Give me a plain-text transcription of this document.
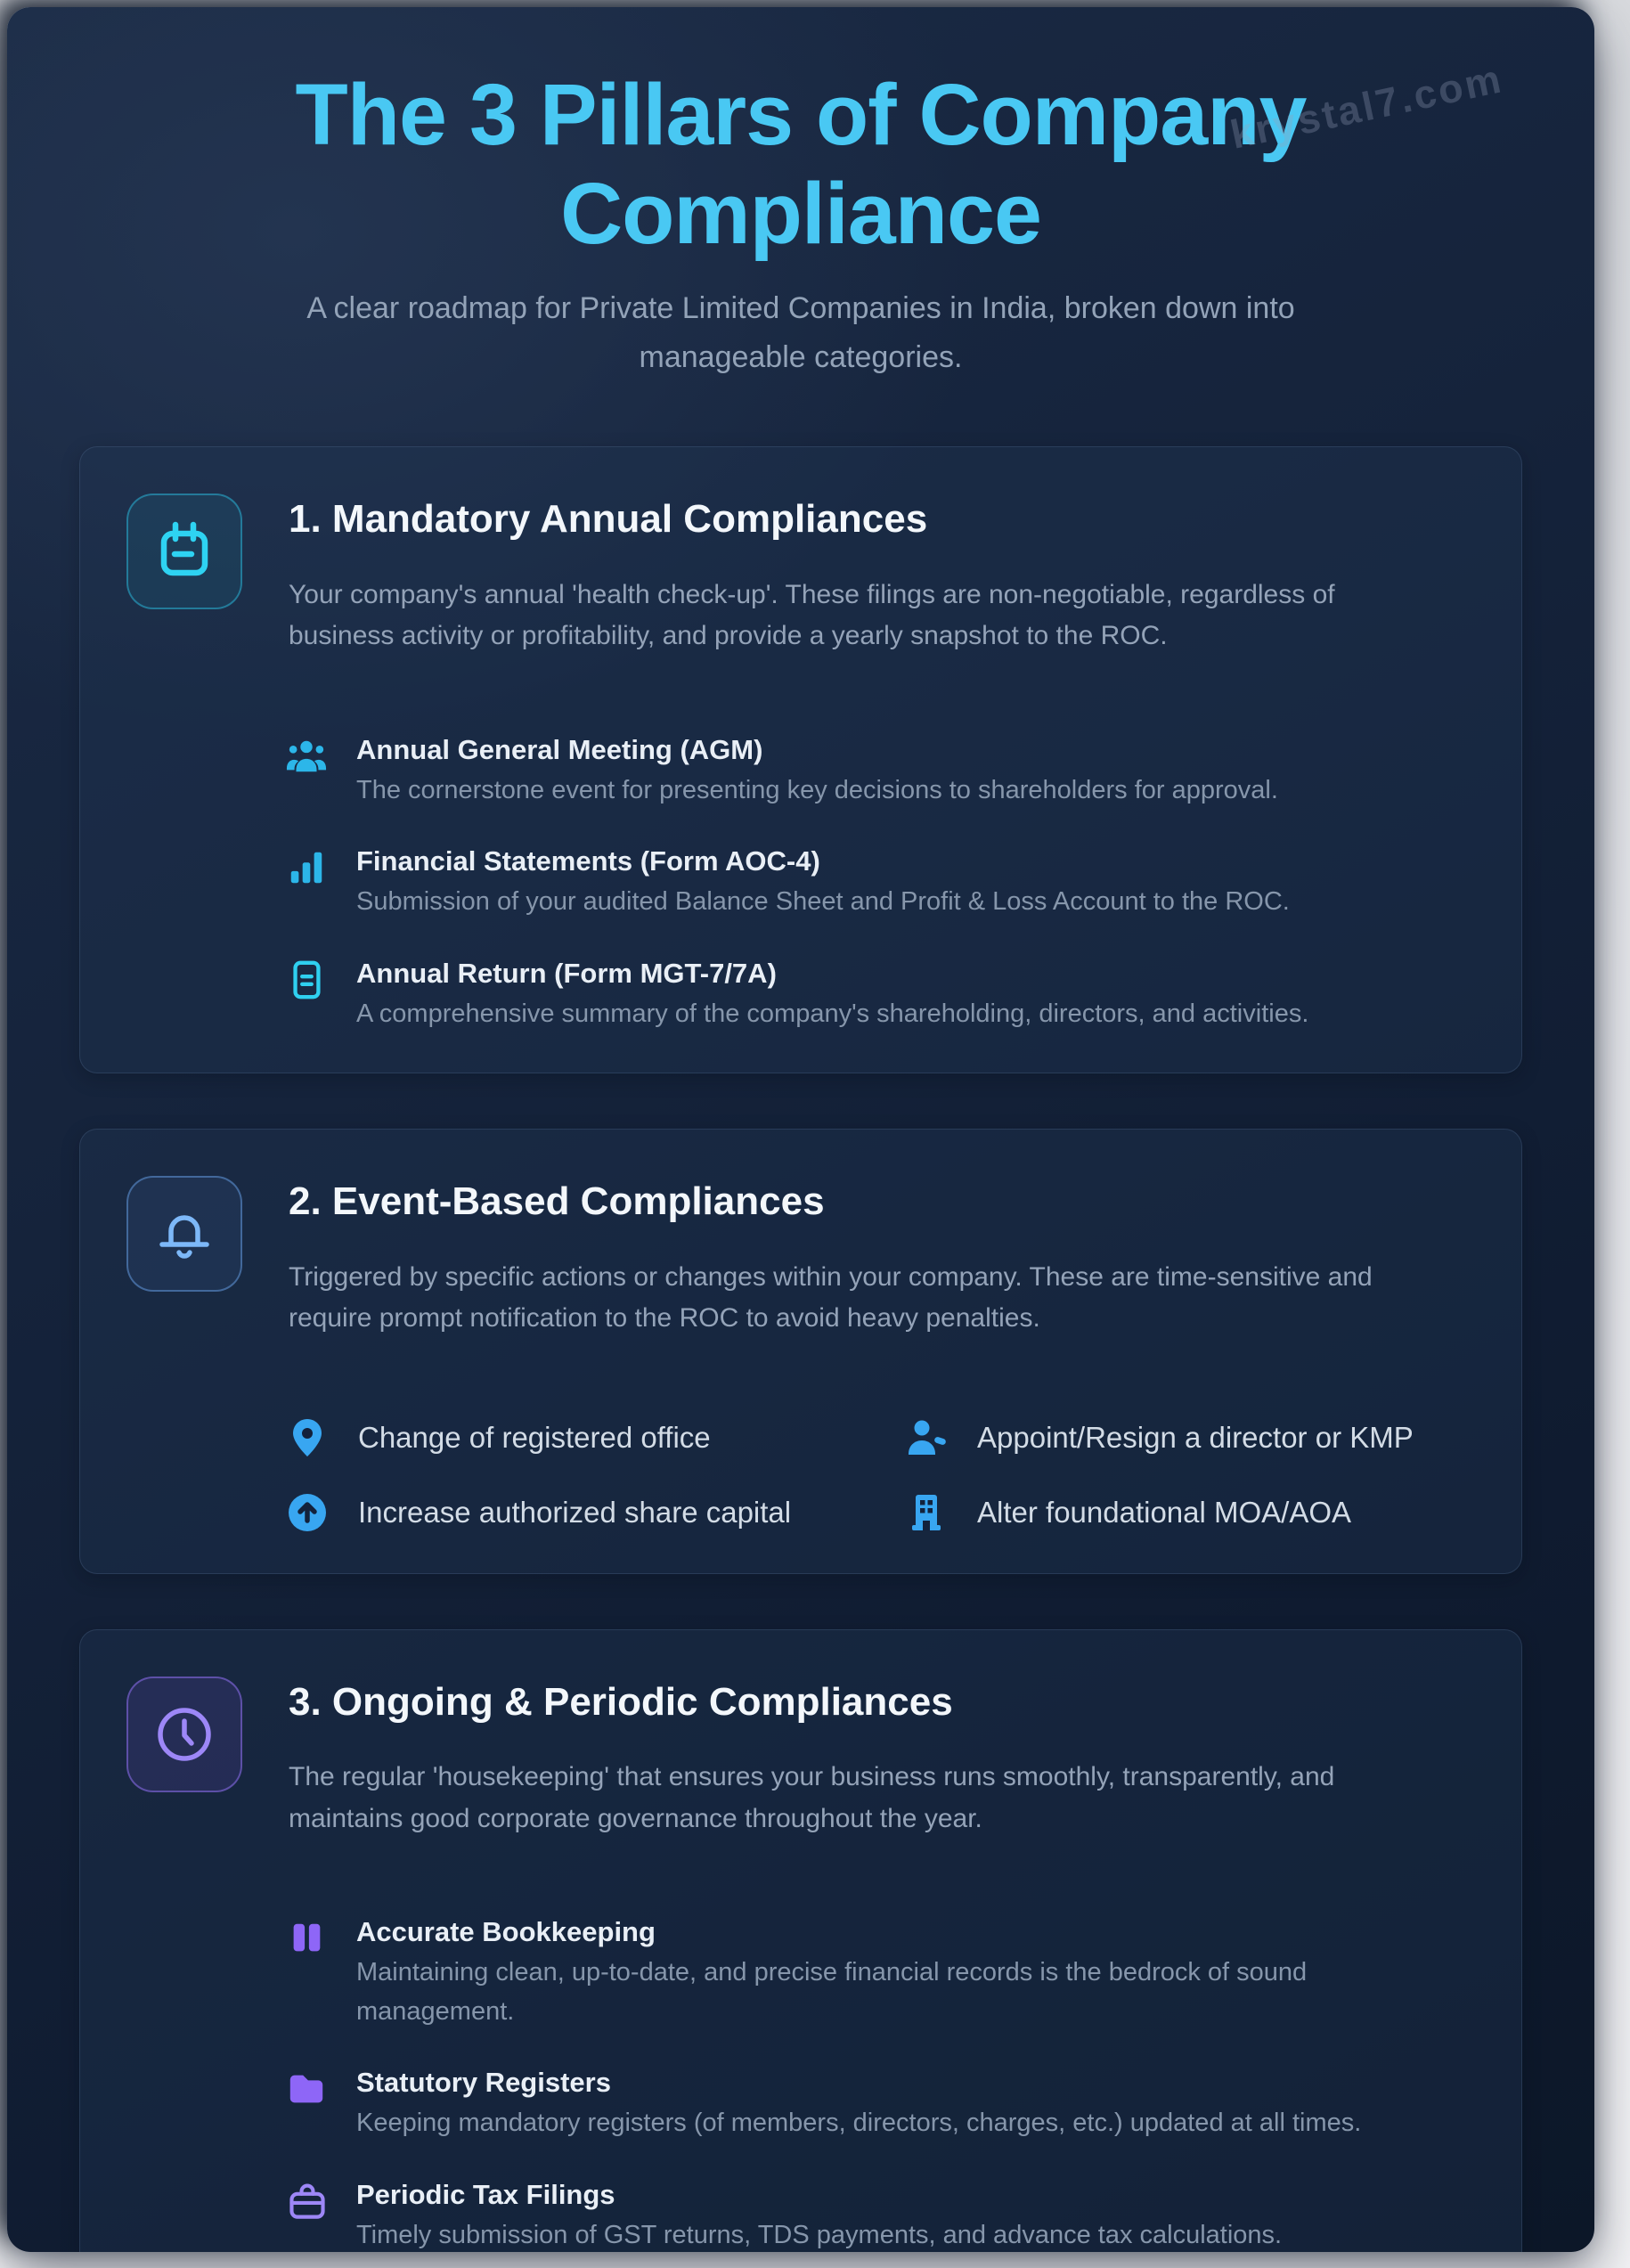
krystal7.com
The 3 Pillars of Company Compliance

A clear roadmap for Private Limited Companies in India, broken down into manageable categories.

1. Mandatory Annual Compliances

Your company's annual 'health check-up'. These filings are non-negotiable, regardless of business activity or profitability, and provide a yearly snapshot to the ROC.

Annual General Meeting (AGM)
The cornerstone event for presenting key decisions to shareholders for approval.
Financial Statements (Form AOC-4)
Submission of your audited Balance Sheet and Profit & Loss Account to the ROC.
Annual Return (Form MGT-7/7A)
A comprehensive summary of the company's shareholding, directors, and activities.
2. Event-Based Compliances

Triggered by specific actions or changes within your company. These are time-sensitive and require prompt notification to the ROC to avoid heavy penalties.

Change of registered office	Appoint/Resign a director or KMP
Increase authorized share capital	Alter foundational MOA/AOA
3. Ongoing & Periodic Compliances

The regular 'housekeeping' that ensures your business runs smoothly, transparently, and maintains good corporate governance throughout the year.

Accurate Bookkeeping
Maintaining clean, up-to-date, and precise financial records is the bedrock of sound management.
Statutory Registers
Keeping mandatory registers (of members, directors, charges, etc.) updated at all times.
Periodic Tax Filings
Timely submission of GST returns, TDS payments, and advance tax calculations.
